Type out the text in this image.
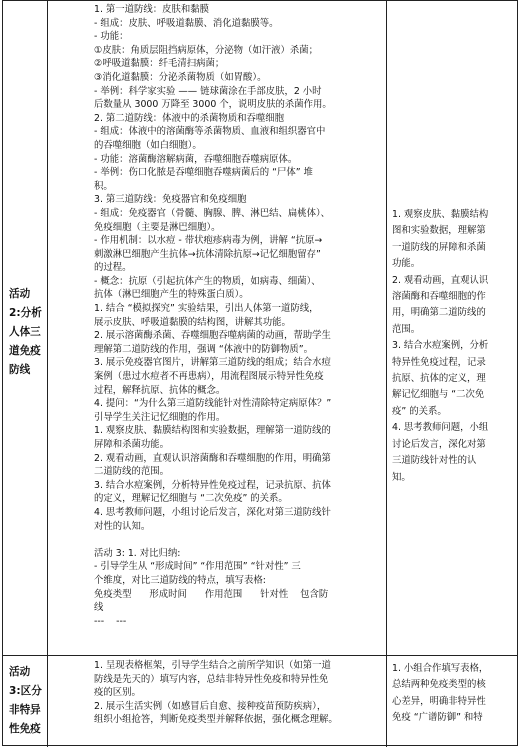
活动
2:分析
人体三
道免疫
防线
1. 第一道防线：皮肤和黏膜
- 组成：皮肤、呼吸道黏膜、消化道黏膜等。
- 功能：
①皮肤：角质层阻挡病原体，分泌物（如汗液）杀菌；
②呼吸道黏膜：纤毛清扫病菌；
③消化道黏膜：分泌杀菌物质（如胃酸）。
- 举例：科学家实验 —— 链球菌涂在手部皮肤，2 小时
后数量从 3000 万降至 3000 个，说明皮肤的杀菌作用。
2. 第二道防线：体液中的杀菌物质和吞噬细胞
- 组成：体液中的溶菌酶等杀菌物质、血液和组织器官中
的吞噬细胞（如白细胞）。
- 功能：溶菌酶溶解病菌，吞噬细胞吞噬病原体。
- 举例：伤口化脓是吞噬细胞吞噬病菌后的 “尸体” 堆
积。
3. 第三道防线：免疫器官和免疫细胞
- 组成：免疫器官（骨髓、胸腺、脾、淋巴结、扁桃体）、
免疫细胞（主要是淋巴细胞）。
- 作用机制：以水痘 - 带状疱疹病毒为例，讲解 “抗原→
刺激淋巴细胞产生抗体→抗体清除抗原→记忆细胞留存”
的过程。
- 概念：抗原（引起抗体产生的物质，如病毒、细菌）、
抗体（淋巴细胞产生的特殊蛋白质）。
1. 结合 “模拟探究” 实验结果，引出人体第一道防线，
展示皮肤、呼吸道黏膜的结构图，讲解其功能。
2. 展示溶菌酶杀菌、吞噬细胞吞噬病菌的动画，帮助学生
理解第二道防线的作用，强调 “体液中的防御物质”。
3. 展示免疫器官图片，讲解第三道防线的组成；结合水痘
案例（患过水痘者不再患病），用流程图展示特异性免疫
过程，解释抗原、抗体的概念。
4. 提问：“为什么第三道防线能针对性清除特定病原体？”
引导学生关注记忆细胞的作用。
1. 观察皮肤、黏膜结构图和实验数据，理解第一道防线的
屏障和杀菌功能。
2. 观看动画，直观认识溶菌酶和吞噬细胞的作用，明确第
二道防线的范围。
3. 结合水痘案例，分析特异性免疫过程，记录抗原、抗体
的定义，理解记忆细胞与 “二次免疫” 的关系。
4. 思考教师问题，小组讨论后发言，深化对第三道防线针
对性的认知。

活动 3: 1. 对比归纳:
- 引导学生从 “形成时间” “作用范围” “针对性” 三
个维度，对比三道防线的特点，填写表格:
免疫类型      形成时间      作用范围      针对性    包含防
线
---    ---
1. 观察皮肤、黏膜结构
图和实验数据，理解第
一道防线的屏障和杀菌
功能。
2. 观看动画，直观认识
溶菌酶和吞噬细胞的作
用，明确第二道防线的
范围。
3. 结合水痘案例，分析
特异性免疫过程，记录
抗原、抗体的定义，理
解记忆细胞与 “二次免
疫” 的关系。
4. 思考教师问题，小组
讨论后发言，深化对第
三道防线针对性的认
知。
活动
3:区分
非特异
性免疫
1. 呈现表格框架，引导学生结合之前所学知识（如第一道
防线是先天的）填写内容，总结非特异性免疫和特异性免
疫的区别。
2. 展示生活实例（如感冒后自愈、接种疫苗预防疾病），
组织小组抢答，判断免疫类型并解释依据，强化概念理解。
1. 小组合作填写表格，
总结两种免疫类型的核
心差异，明确非特异性
免疫 “广谱防御” 和特
